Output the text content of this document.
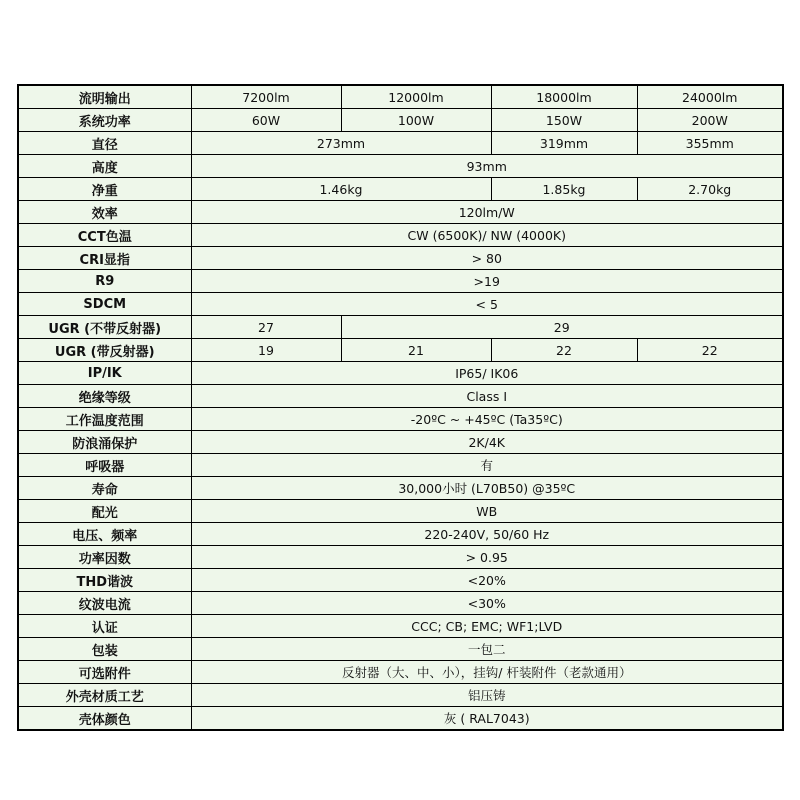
流明输出	7200lm	12000lm	18000lm	24000lm
系统功率	60W	100W	150W	200W
直径	273mm		319mm	355mm
高度	93mm			
净重	1.46kg		1.85kg	2.70kg
效率	120lm/W			
CCT色温	CW (6500K)/ NW (4000K)			
CRI显指	> 80			
R9	>19			
SDCM	< 5			
UGR (不带反射器)	27	29		
UGR (带反射器)	19	21	22	22
IP/IK	IP65/ IK06			
绝缘等级	Class I			
工作温度范围	-20ºC ~ +45ºC (Ta35ºC)			
防浪涌保护	2K/4K			
呼吸器	有			
寿命	30,000小时 (L70B50) @35ºC			
配光	WB			
电压、频率	220-240V, 50/60 Hz			
功率因数	> 0.95			
THD谐波	<20%			
纹波电流	<30%			
认证	CCC; CB; EMC; WF1;LVD			
包装	一包二			
可选附件	反射器（大、中、小），挂钩/ 杆装附件（老款通用）			
外壳材质工艺	铝压铸			
壳体颜色	灰 ( RAL7043)			
